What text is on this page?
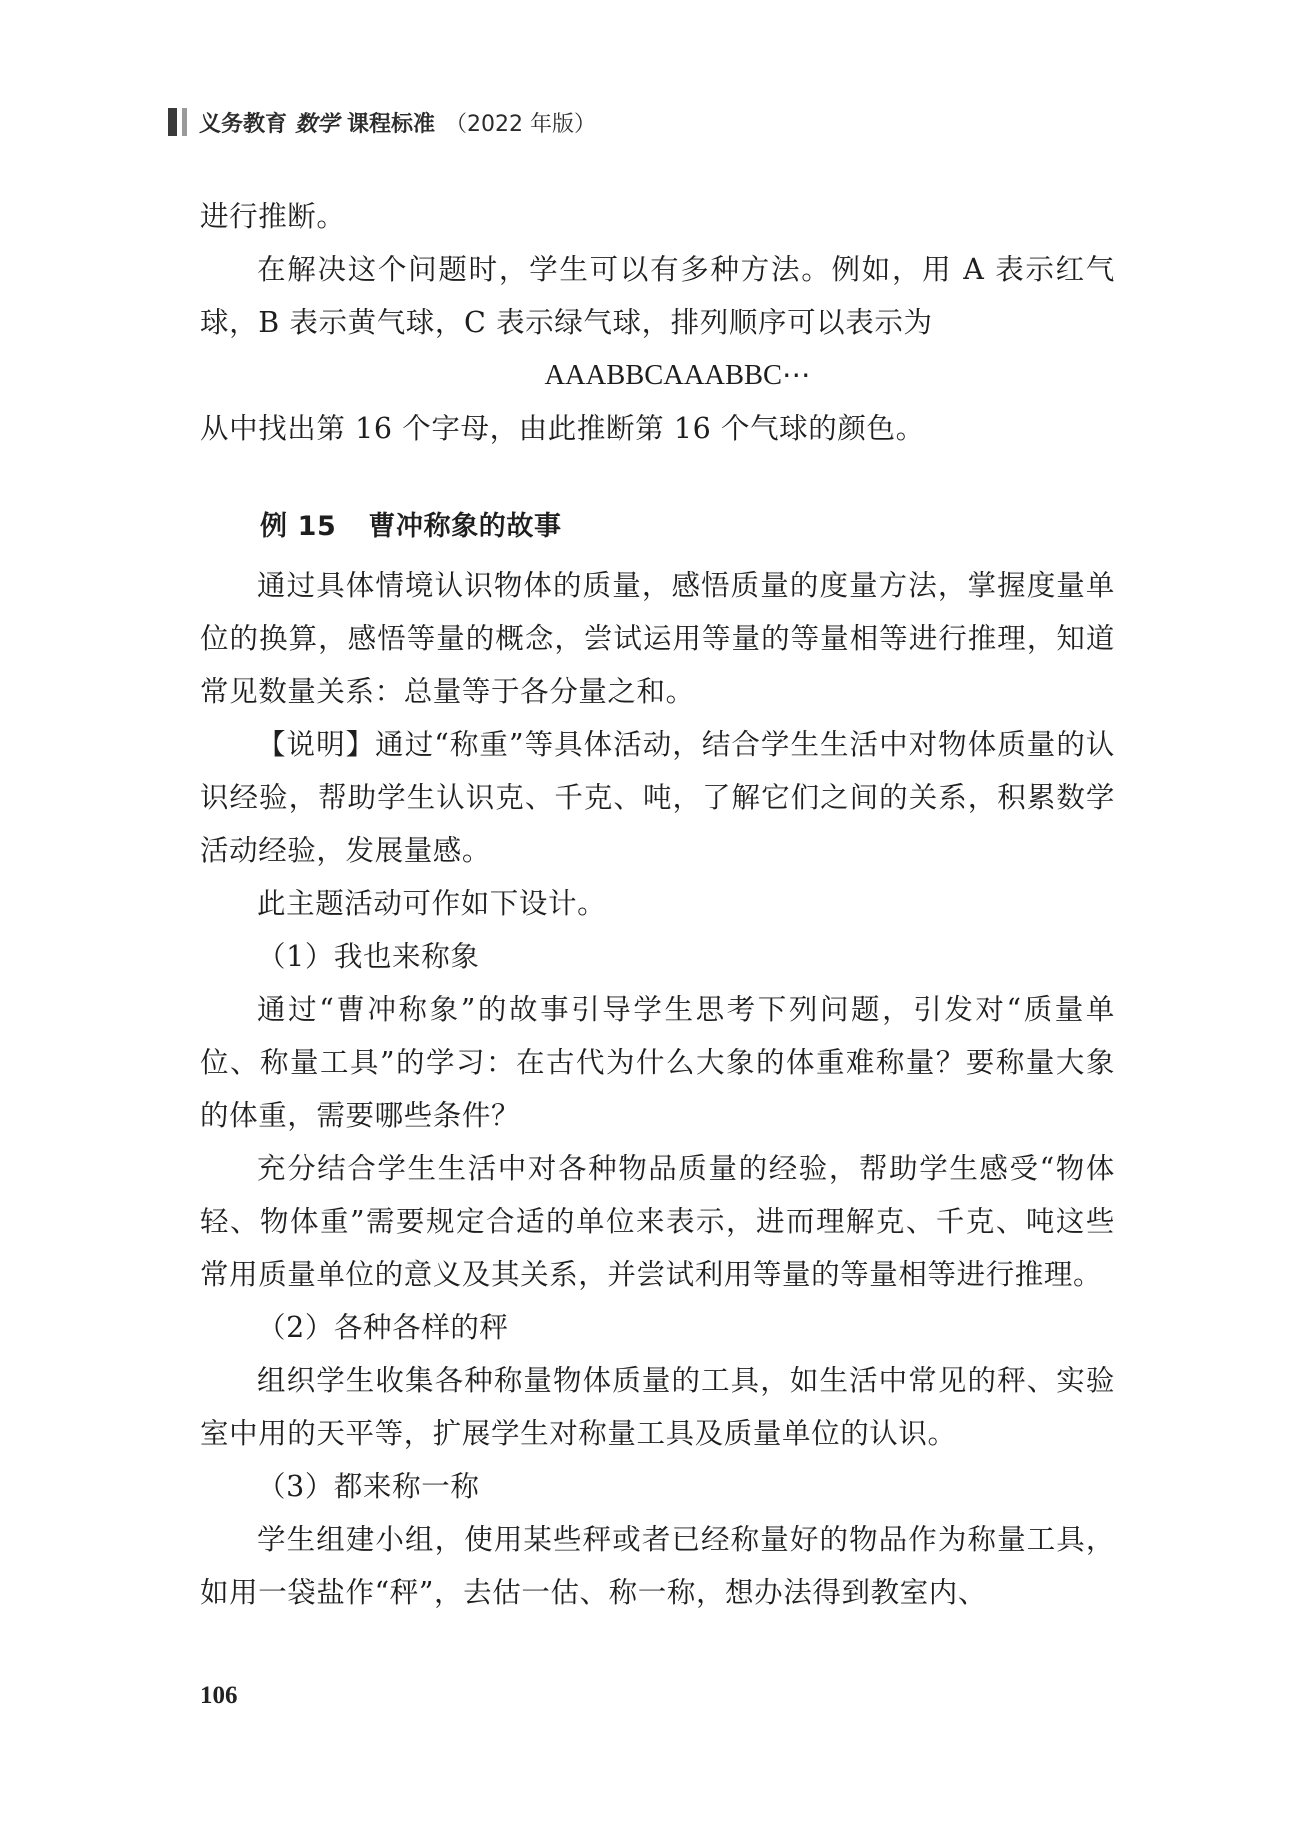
义务教育 数学 课程标准 （2022 年版）

进行推断。

在解决这个问题时，学生可以有多种方法。例如，用 A 表示红气球，B 表示黄气球，C 表示绿气球，排列顺序可以表示为

AAABBCAAABBC⋯

从中找出第 16 个字母，由此推断第 16 个气球的颜色。

例 15 曹冲称象的故事

通过具体情境认识物体的质量，感悟质量的度量方法，掌握度量单位的换算，感悟等量的概念，尝试运用等量的等量相等进行推理，知道常见数量关系：总量等于各分量之和。

【说明】通过“称重”等具体活动，结合学生生活中对物体质量的认识经验，帮助学生认识克、千克、吨，了解它们之间的关系，积累数学活动经验，发展量感。

此主题活动可作如下设计。

（1）我也来称象

通过“曹冲称象”的故事引导学生思考下列问题，引发对“质量单位、称量工具”的学习：在古代为什么大象的体重难称量？要称量大象的体重，需要哪些条件？

充分结合学生生活中对各种物品质量的经验，帮助学生感受“物体轻、物体重”需要规定合适的单位来表示，进而理解克、千克、吨这些常用质量单位的意义及其关系，并尝试利用等量的等量相等进行推理。

（2）各种各样的秤

组织学生收集各种称量物体质量的工具，如生活中常见的秤、实验室中用的天平等，扩展学生对称量工具及质量单位的认识。

（3）都来称一称

学生组建小组，使用某些秤或者已经称量好的物品作为称量工具，如用一袋盐作“秤”，去估一估、称一称，想办法得到教室内、

106
